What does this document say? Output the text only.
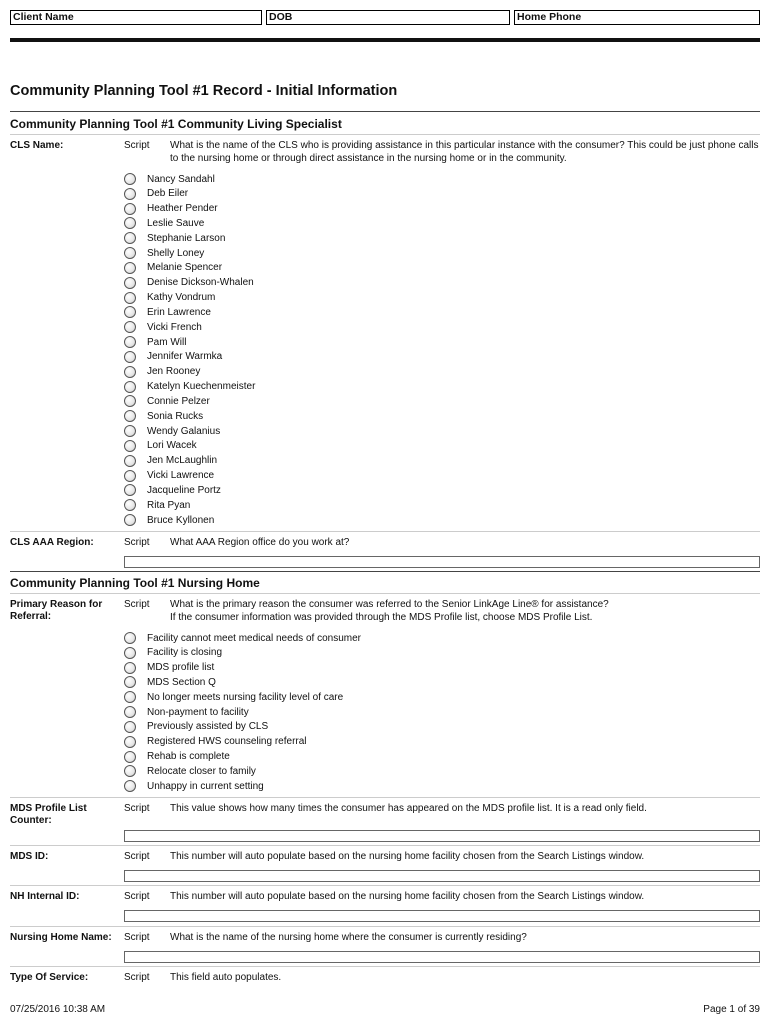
Client Name	DOB	Home Phone
Community Planning Tool #1 Record - Initial Information
Community Planning Tool #1 Community Living Specialist
CLS Name:	Script What is the name of the CLS who is providing assistance in this particular instance with the consumer? This could be just phone calls to the nursing home or through direct assistance in the nursing home or in the community.
Nancy Sandahl
Deb Eiler
Heather Pender
Leslie Sauve
Stephanie Larson
Shelly Loney
Melanie Spencer
Denise Dickson-Whalen
Kathy Vondrum
Erin Lawrence
Vicki French
Pam Will
Jennifer Warmka
Jen Rooney
Katelyn Kuechenmeister
Connie Pelzer
Sonia Rucks
Wendy Galanius
Lori Wacek
Jen McLaughlin
Vicki Lawrence
Jacqueline Portz
Rita Pyan
Bruce Kyllonen
CLS AAA Region:	Script What AAA Region office do you work at?
Community Planning Tool #1 Nursing Home
Primary Reason for Referral:
Script What is the primary reason the consumer was referred to the Senior LinkAge Line® for assistance?
If the consumer information was provided through the MDS Profile list, choose MDS Profile List.
Facility cannot meet medical needs of consumer
Facility is closing
MDS profile list
MDS Section Q
No longer meets nursing facility level of care
Non-payment to facility
Previously assisted by CLS
Registered HWS counseling referral
Rehab is complete
Relocate closer to family
Unhappy in current setting
MDS Profile List Counter:
Script This value shows how many times the consumer has appeared on the MDS profile list. It is a read only field.
MDS ID:	Script This number will auto populate based on the nursing home facility chosen from the Search Listings window.
NH Internal ID:	Script This number will auto populate based on the nursing home facility chosen from the Search Listings window.
Nursing Home Name:	Script What is the name of the nursing home where the consumer is currently residing?
Type Of Service:	Script This field auto populates.
07/25/2016 10:38 AM	Page 1 of 39
